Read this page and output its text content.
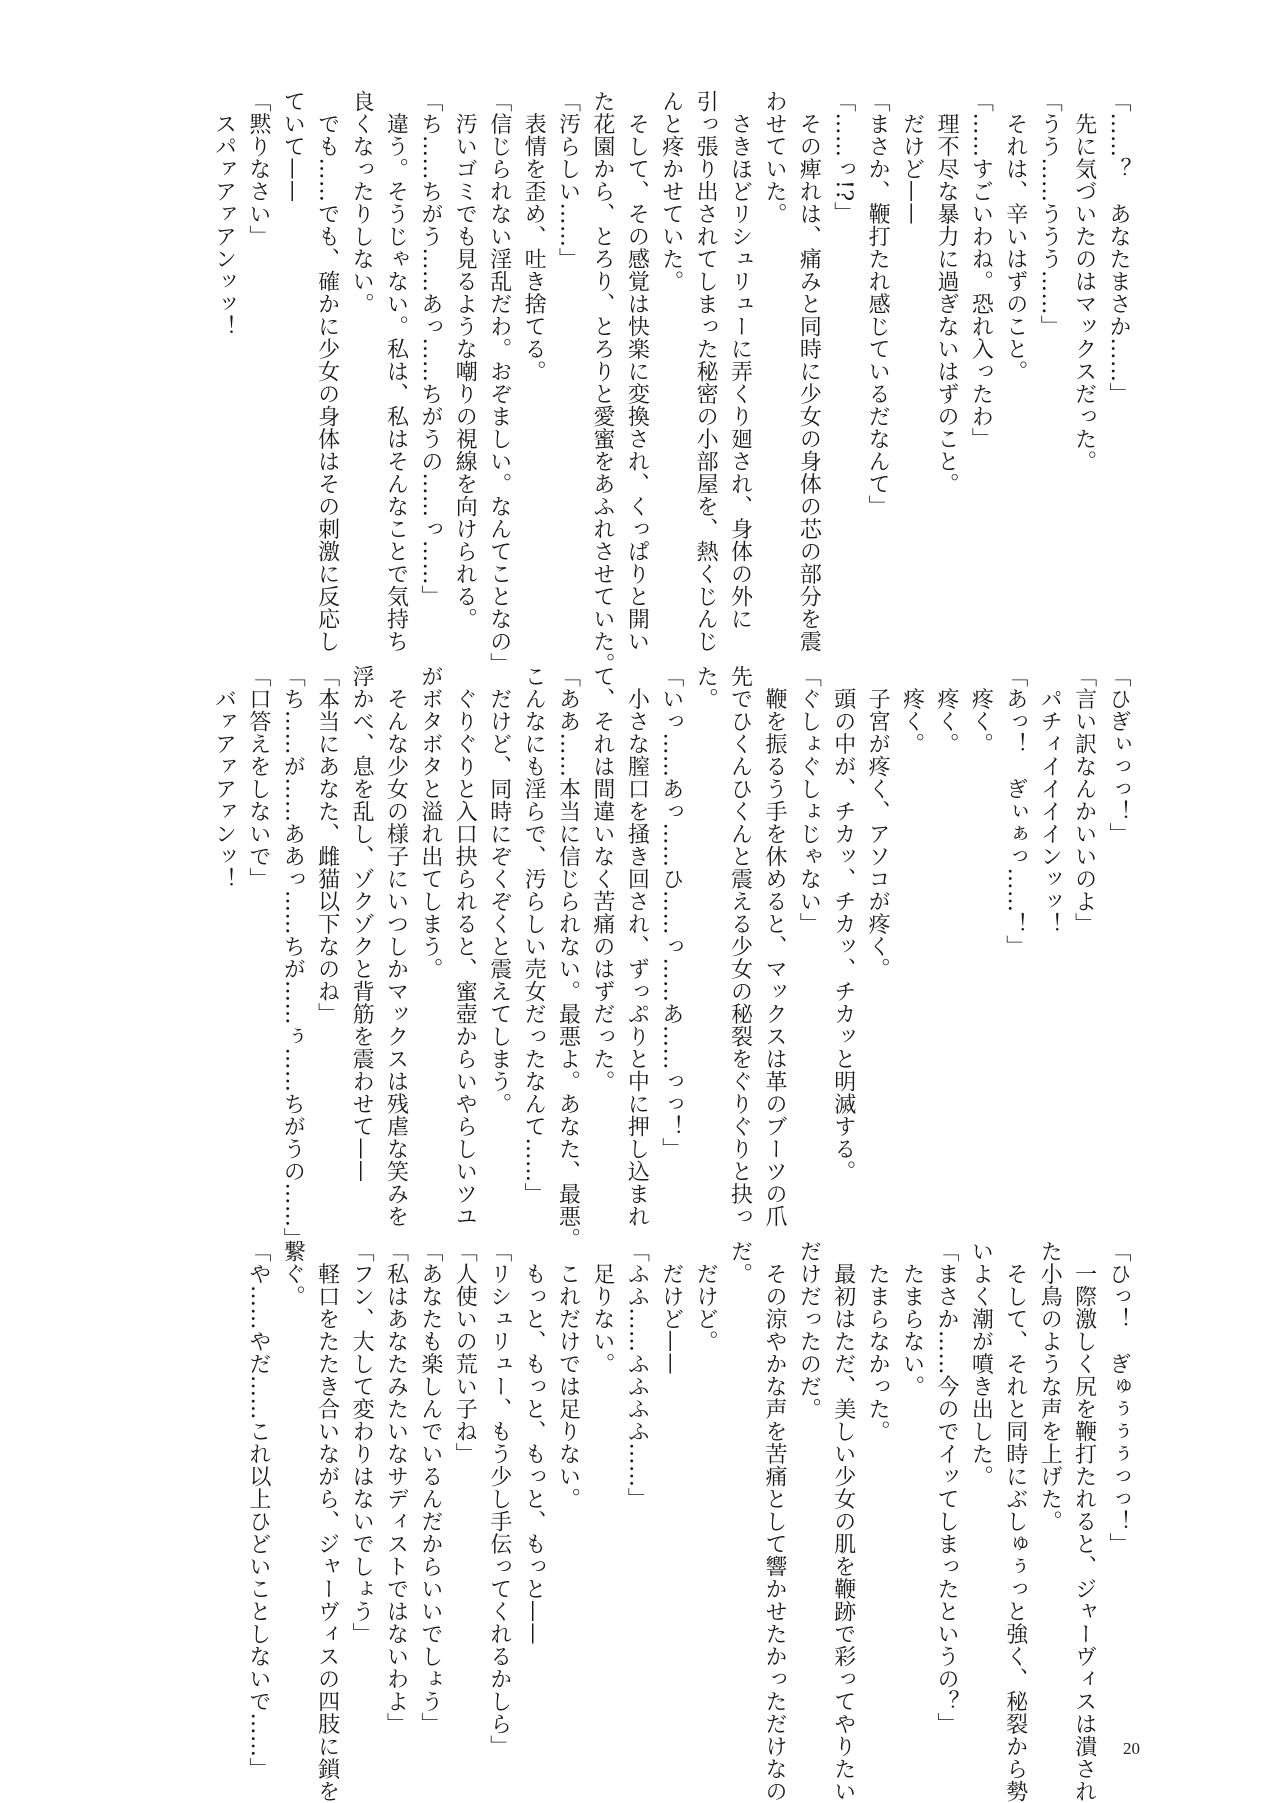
「……？　あなたまさか……」
　先に気づいたのはマックスだった。
「うう……ううう……」
　それは、辛いはずのこと。
「……すごいわね。恐れ入ったわ」
　理不尽な暴力に過ぎないはずのこと。
　だけど——
「まさか、鞭打たれ感じているだなんて」
「……っ!?」
　その痺れは、痛みと同時に少女の身体の芯の部分を震
わせていた。
　さきほどリシュリューに弄くり廻され、身体の外に
引っ張り出されてしまった秘密の小部屋を、熱くじんじ
んと疼かせていた。
　そして、その感覚は快楽に変換され、くっぱりと開い
た花園から、とろり、とろりと愛蜜をあふれさせていた。
「汚らしい……」
　表情を歪め、吐き捨てる。
「信じられない淫乱だわ。おぞましい。なんてことなの」
　汚いゴミでも見るような嘲りの視線を向けられる。
「ち……ちがう……あっ……ちがうの……っ……」
　違う。そうじゃない。私は、私はそんなことで気持ち
良くなったりしない。
　でも……でも、確かに少女の身体はその刺激に反応し
ていて——
「黙りなさい」
　スパァアァアンッッ！
「ひぎぃっっ！」
「言い訳なんかいいのよ」
　パチィイイイインッッ！
「あっ！　ぎぃぁっ……！」
　疼く。
　疼く。
　疼く。
　子宮が疼く、アソコが疼く。
　頭の中が、チカッ、チカッ、チカッと明滅する。
「ぐしょぐしょじゃない」
　鞭を振るう手を休めると、マックスは革のブーツの爪
先でひくんひくんと震える少女の秘裂をぐりぐりと抉っ
た。
「いっ……あっ……ひ……っ……あ……っっ！」
　小さな膣口を掻き回され、ずっぷりと中に押し込まれ
て、それは間違いなく苦痛のはずだった。
「ああ……本当に信じられない。最悪よ。あなた、最悪。
こんなにも淫らで、汚らしい売女だったなんて……」
　だけど、同時にぞくぞくと震えてしまう。
　ぐりぐりと入口抉られると、蜜壺からいやらしいツユ
がボタボタと溢れ出てしまう。
　そんな少女の様子にいつしかマックスは残虐な笑みを
浮かべ、息を乱し、ゾクゾクと背筋を震わせて——
「本当にあなた、雌猫以下なのね」
「ち……が……ああっ……ちが……ぅ……ちがうの……」
「口答えをしないで」
　バァアァアァンッ！
「ひっ！　ぎゅぅぅぅっっ！」
　一際激しく尻を鞭打たれると、ジャーヴィスは潰され
た小鳥のような声を上げた。
　そして、それと同時にぶしゅぅっと強く、秘裂から勢
いよく潮が噴き出した。
「まさか……今のでイッてしまったというの？」
　たまらない。
　たまらなかった。
　最初はただ、美しい少女の肌を鞭跡で彩ってやりたい
だけだったのだ。
　その涼やかな声を苦痛として響かせたかっただけなの
だ。
　だけど。
　だけど——
「ふふ……ふふふふ……」
　足りない。
　これだけでは足りない。
　もっと、もっと、もっと、もっと——
「リシュリュー、もう少し手伝ってくれるかしら」
「人使いの荒い子ね」
「あなたも楽しんでいるんだからいいでしょう」
「私はあなたみたいなサディストではないわよ」
「フン、大して変わりはないでしょう」
　軽口をたたき合いながら、ジャーヴィスの四肢に鎖を
繋ぐ。
「や……やだ……これ以上ひどいことしないで……」	20
